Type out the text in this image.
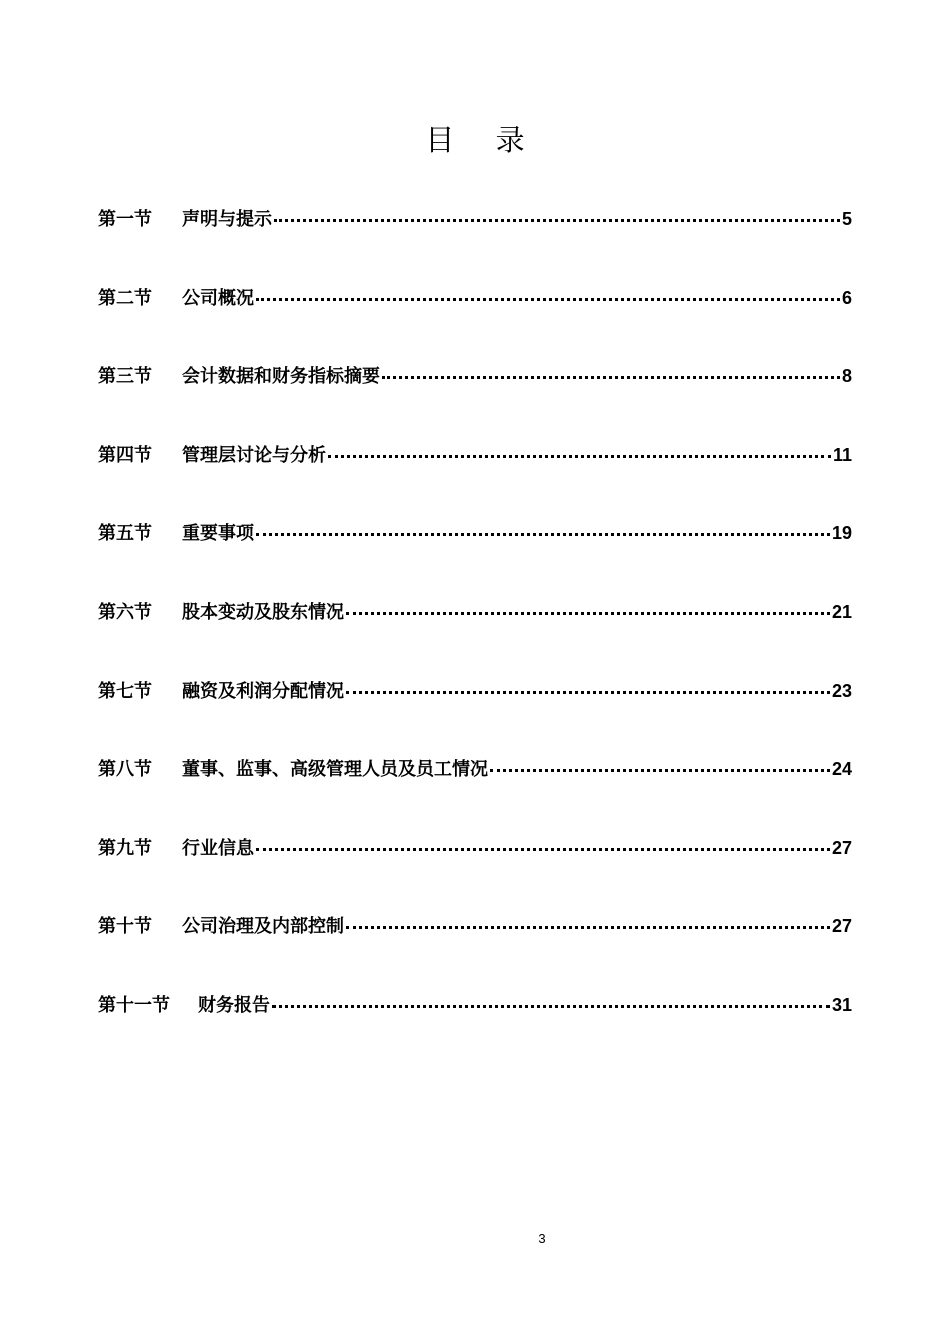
目 录
第一节	声明与提示	5
第二节	公司概况	6
第三节	会计数据和财务指标摘要	8
第四节	管理层讨论与分析	11
第五节	重要事项	19
第六节	股本变动及股东情况	21
第七节	融资及利润分配情况	23
第八节	董事、监事、高级管理人员及员工情况	24
第九节	行业信息	27
第十节	公司治理及内部控制	27
第十一节	财务报告	31
3
